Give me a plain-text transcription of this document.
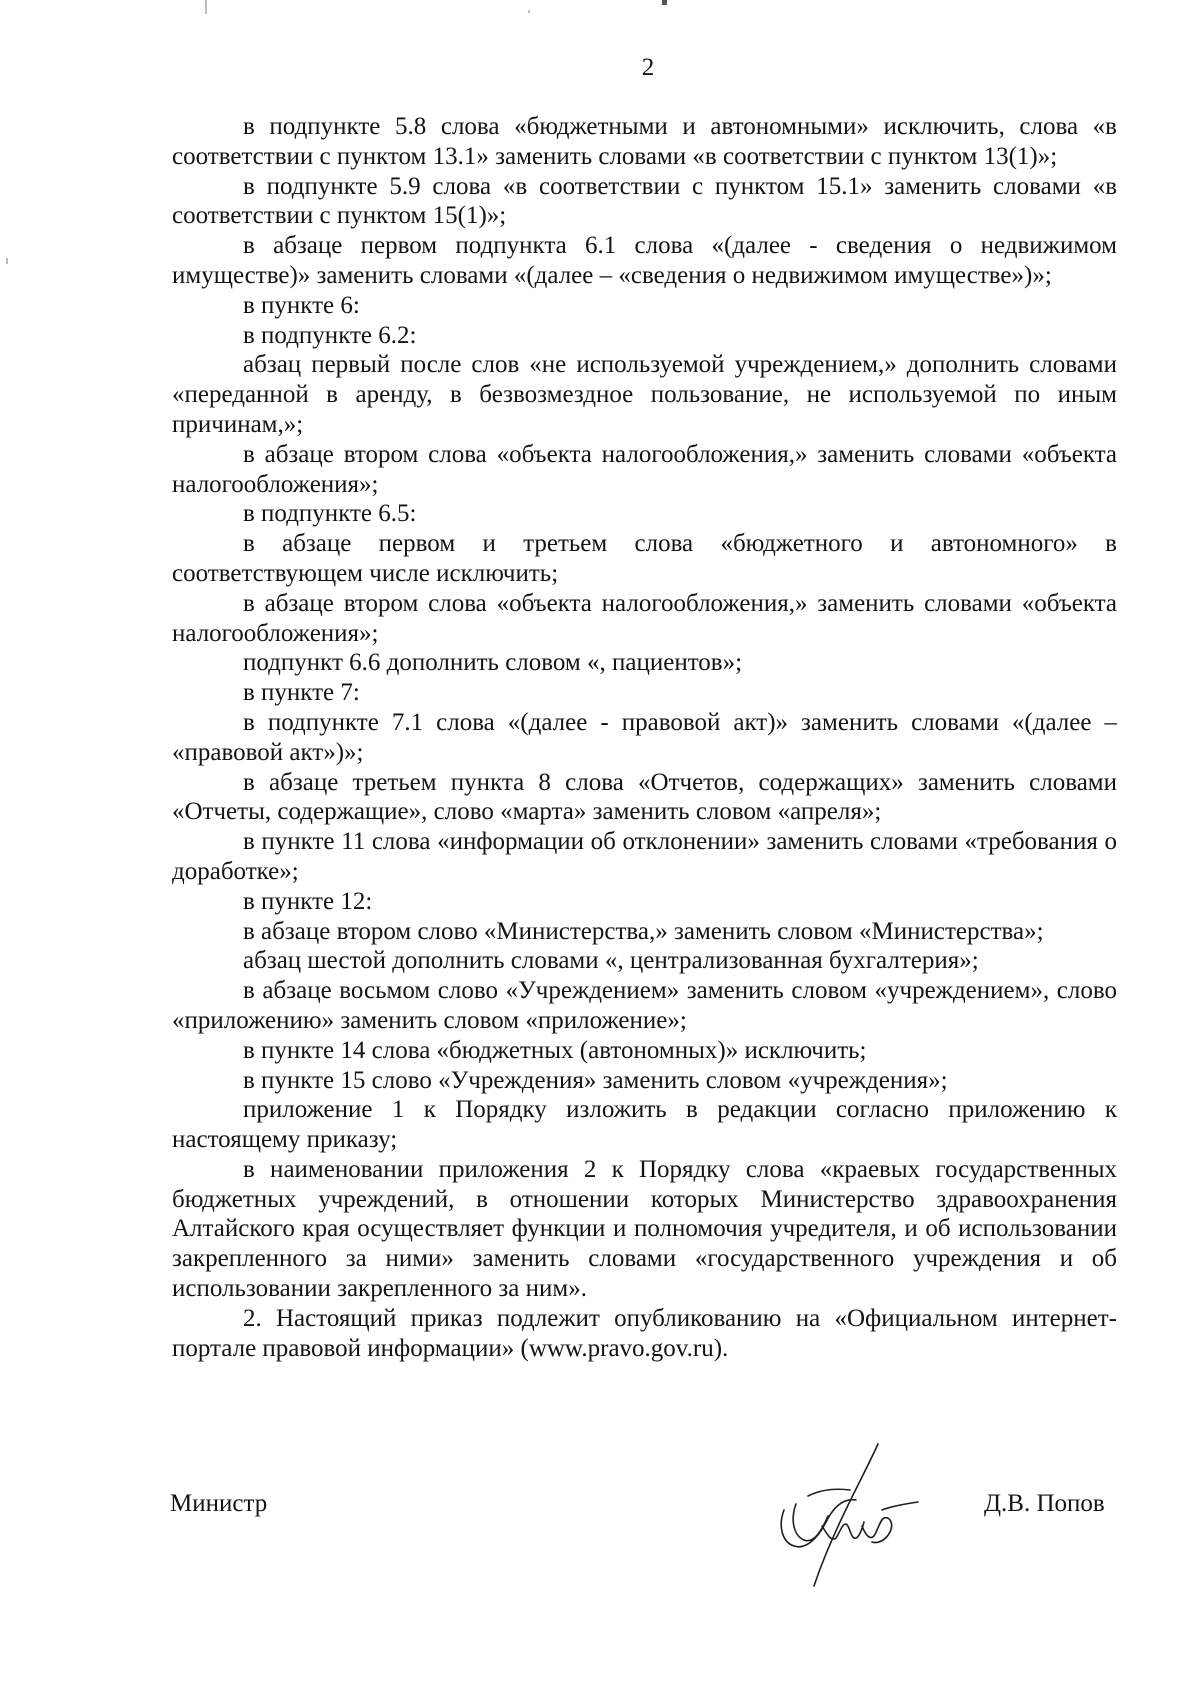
2

в подпункте 5.8 слова «бюджетными и автономными» исключить, слова «в соответствии с пунктом 13.1» заменить словами «в соответствии с пунктом 13(1)»;

в подпункте 5.9 слова «в соответствии с пунктом 15.1» заменить словами «в соответствии с пунктом 15(1)»;

в абзаце первом подпункта 6.1 слова «(далее - сведения о недвижимом имуществе)» заменить словами «(далее – «сведения о недвижимом имуществе»)»;

в пункте 6:

в подпункте 6.2:

абзац первый после слов «не используемой учреждением,» дополнить словами «переданной в аренду, в безвозмездное пользование, не используемой по иным причинам,»;

в абзаце втором слова «объекта налогообложения,» заменить словами «объекта налогообложения»;

в подпункте 6.5:

в абзаце первом и третьем слова «бюджетного и автономного» в соответствующем числе исключить;

в абзаце втором слова «объекта налогообложения,» заменить словами «объекта налогообложения»;

подпункт 6.6 дополнить словом «, пациентов»;

в пункте 7:

в подпункте 7.1 слова «(далее - правовой акт)» заменить словами «(далее – «правовой акт»)»;

в абзаце третьем пункта 8 слова «Отчетов, содержащих» заменить словами «Отчеты, содержащие», слово «марта» заменить словом «апреля»;

в пункте 11 слова «информации об отклонении» заменить словами «требования о доработке»;

в пункте 12:

в абзаце втором слово «Министерства,» заменить словом «Министерства»;

абзац шестой дополнить словами «, централизованная бухгалтерия»;

в абзаце восьмом слово «Учреждением» заменить словом «учреждением», слово «приложению» заменить словом «приложение»;

в пункте 14 слова «бюджетных (автономных)» исключить;

в пункте 15 слово «Учреждения» заменить словом «учреждения»;

приложение 1 к Порядку изложить в редакции согласно приложению к настоящему приказу;

в наименовании приложения 2 к Порядку слова «краевых государственных бюджетных учреждений, в отношении которых Министерство здравоохранения Алтайского края осуществляет функции и полномочия учредителя, и об использовании закрепленного за ними» заменить словами «государственного учреждения и об использовании закрепленного за ним».

2. Настоящий приказ подлежит опубликованию на «Официальном интернет-портале правовой информации» (www.pravo.gov.ru).

Министр	Д.В. Попов
